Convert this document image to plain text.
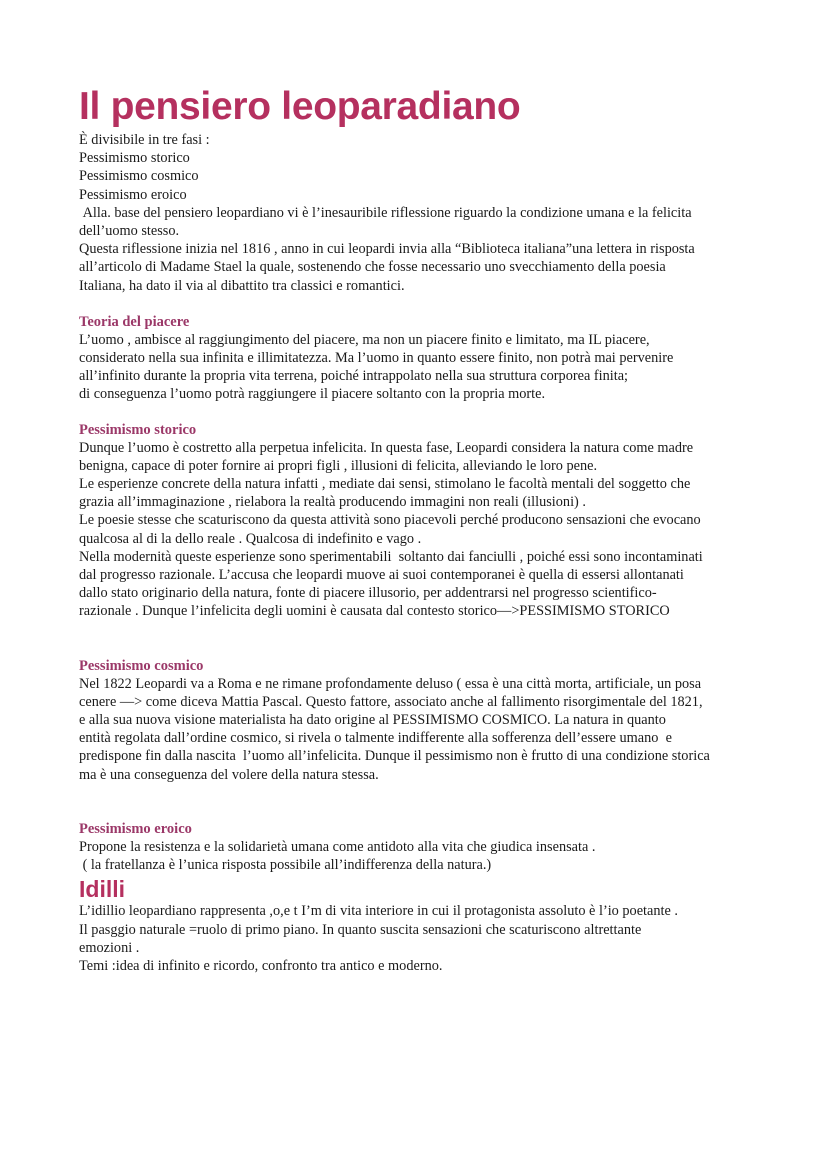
Il pensiero leoparadiano
È divisibile in tre fasi :
Pessimismo storico
Pessimismo cosmico
Pessimismo eroico
Alla. base del pensiero leopardiano vi è l’inesauribile riflessione riguardo la condizione umana e la felicita
dell’uomo stesso.
Questa riflessione inizia nel 1816 , anno in cui leopardi invia alla “Biblioteca italiana”una lettera in risposta
all’articolo di Madame Stael la quale, sostenendo che fosse necessario uno svecchiamento della poesia
Italiana, ha dato il via al dibattito tra classici e romantici.
Teoria del piacere
L’uomo , ambisce al raggiungimento del piacere, ma non un piacere finito e limitato, ma IL piacere,
considerato nella sua infinita e illimitatezza. Ma l’uomo in quanto essere finito, non potrà mai pervenire
all’infinito durante la propria vita terrena, poiché intrappolato nella sua struttura corporea finita;
di conseguenza l’uomo potrà raggiungere il piacere soltanto con la propria morte.
Pessimismo storico
Dunque l’uomo è costretto alla perpetua infelicita. In questa fase, Leopardi considera la natura come madre
benigna, capace di poter fornire ai propri figli , illusioni di felicita, alleviando le loro pene.
Le esperienze concrete della natura infatti , mediate dai sensi, stimolano le facoltà mentali del soggetto che
grazia all’immaginazione , rielabora la realtà producendo immagini non reali (illusioni) .
Le poesie stesse che scaturiscono da questa attività sono piacevoli perché producono sensazioni che evocano
qualcosa al di la dello reale . Qualcosa di indefinito e vago .
Nella modernità queste esperienze sono sperimentabili  soltanto dai fanciulli , poiché essi sono incontaminati
dal progresso razionale. L’accusa che leopardi muove ai suoi contemporanei è quella di essersi allontanati
dallo stato originario della natura, fonte di piacere illusorio, per addentrarsi nel progresso scientifico-
razionale . Dunque l’infelicita degli uomini è causata dal contesto storico—>PESSIMISMO STORICO
Pessimismo cosmico
Nel 1822 Leopardi va a Roma e ne rimane profondamente deluso ( essa è una città morta, artificiale, un posa
cenere —> come diceva Mattia Pascal. Questo fattore, associato anche al fallimento risorgimentale del 1821,
e alla sua nuova visione materialista ha dato origine al PESSIMISMO COSMICO. La natura in quanto
entità regolata dall’ordine cosmico, si rivela o talmente indifferente alla sofferenza dell’essere umano  e
predispone fin dalla nascita  l’uomo all’infelicita. Dunque il pessimismo non è frutto di una condizione storica
ma è una conseguenza del volere della natura stessa.
Pessimismo eroico
Propone la resistenza e la solidarietà umana come antidoto alla vita che giudica insensata .
( la fratellanza è l’unica risposta possibile all’indifferenza della natura.)
Idilli
L’idillio leopardiano rappresenta ,o,e t I’m di vita interiore in cui il protagonista assoluto è l’io poetante .
Il pasggio naturale =ruolo di primo piano. In quanto suscita sensazioni che scaturiscono altrettante
emozioni .
Temi :idea di infinito e ricordo, confronto tra antico e moderno.
